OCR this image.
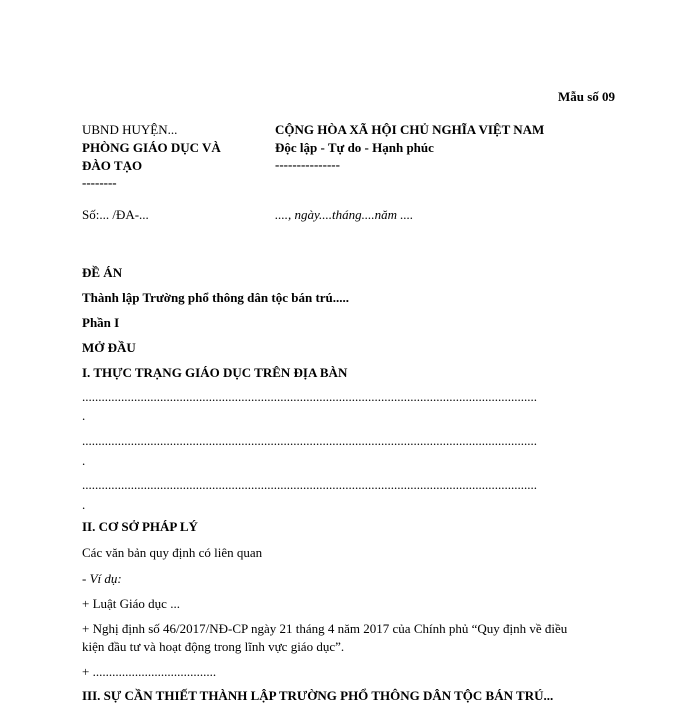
Mẫu số 09
UBND HUYỆN...
PHÒNG GIÁO DỤC VÀ
ĐÀO TẠO
--------
Số:... /ĐA-...
CỘNG HÒA XÃ HỘI CHỦ NGHĨA VIỆT NAM
Độc lập - Tự do - Hạnh phúc
---------------
...., ngày....tháng....năm ....
ĐỀ ÁN
Thành lập Trường phổ thông dân tộc bán trú.....
Phần I
MỞ ĐẦU
I. THỰC TRẠNG GIÁO DỤC TRÊN ĐỊA BÀN
............................................................................................................................................
.
............................................................................................................................................
.
............................................................................................................................................
.
II. CƠ SỞ PHÁP LÝ
Các văn bản quy định có liên quan
- Ví dụ:
+ Luật Giáo dục ...
+ Nghị định số 46/2017/NĐ-CP ngày 21 tháng 4 năm 2017 của Chính phủ “Quy định về điều
kiện đầu tư và hoạt động trong lĩnh vực giáo dục”.
+ ......................................
III. SỰ CẦN THIẾT THÀNH LẬP TRƯỜNG PHỔ THÔNG DÂN TỘC BÁN TRÚ...
